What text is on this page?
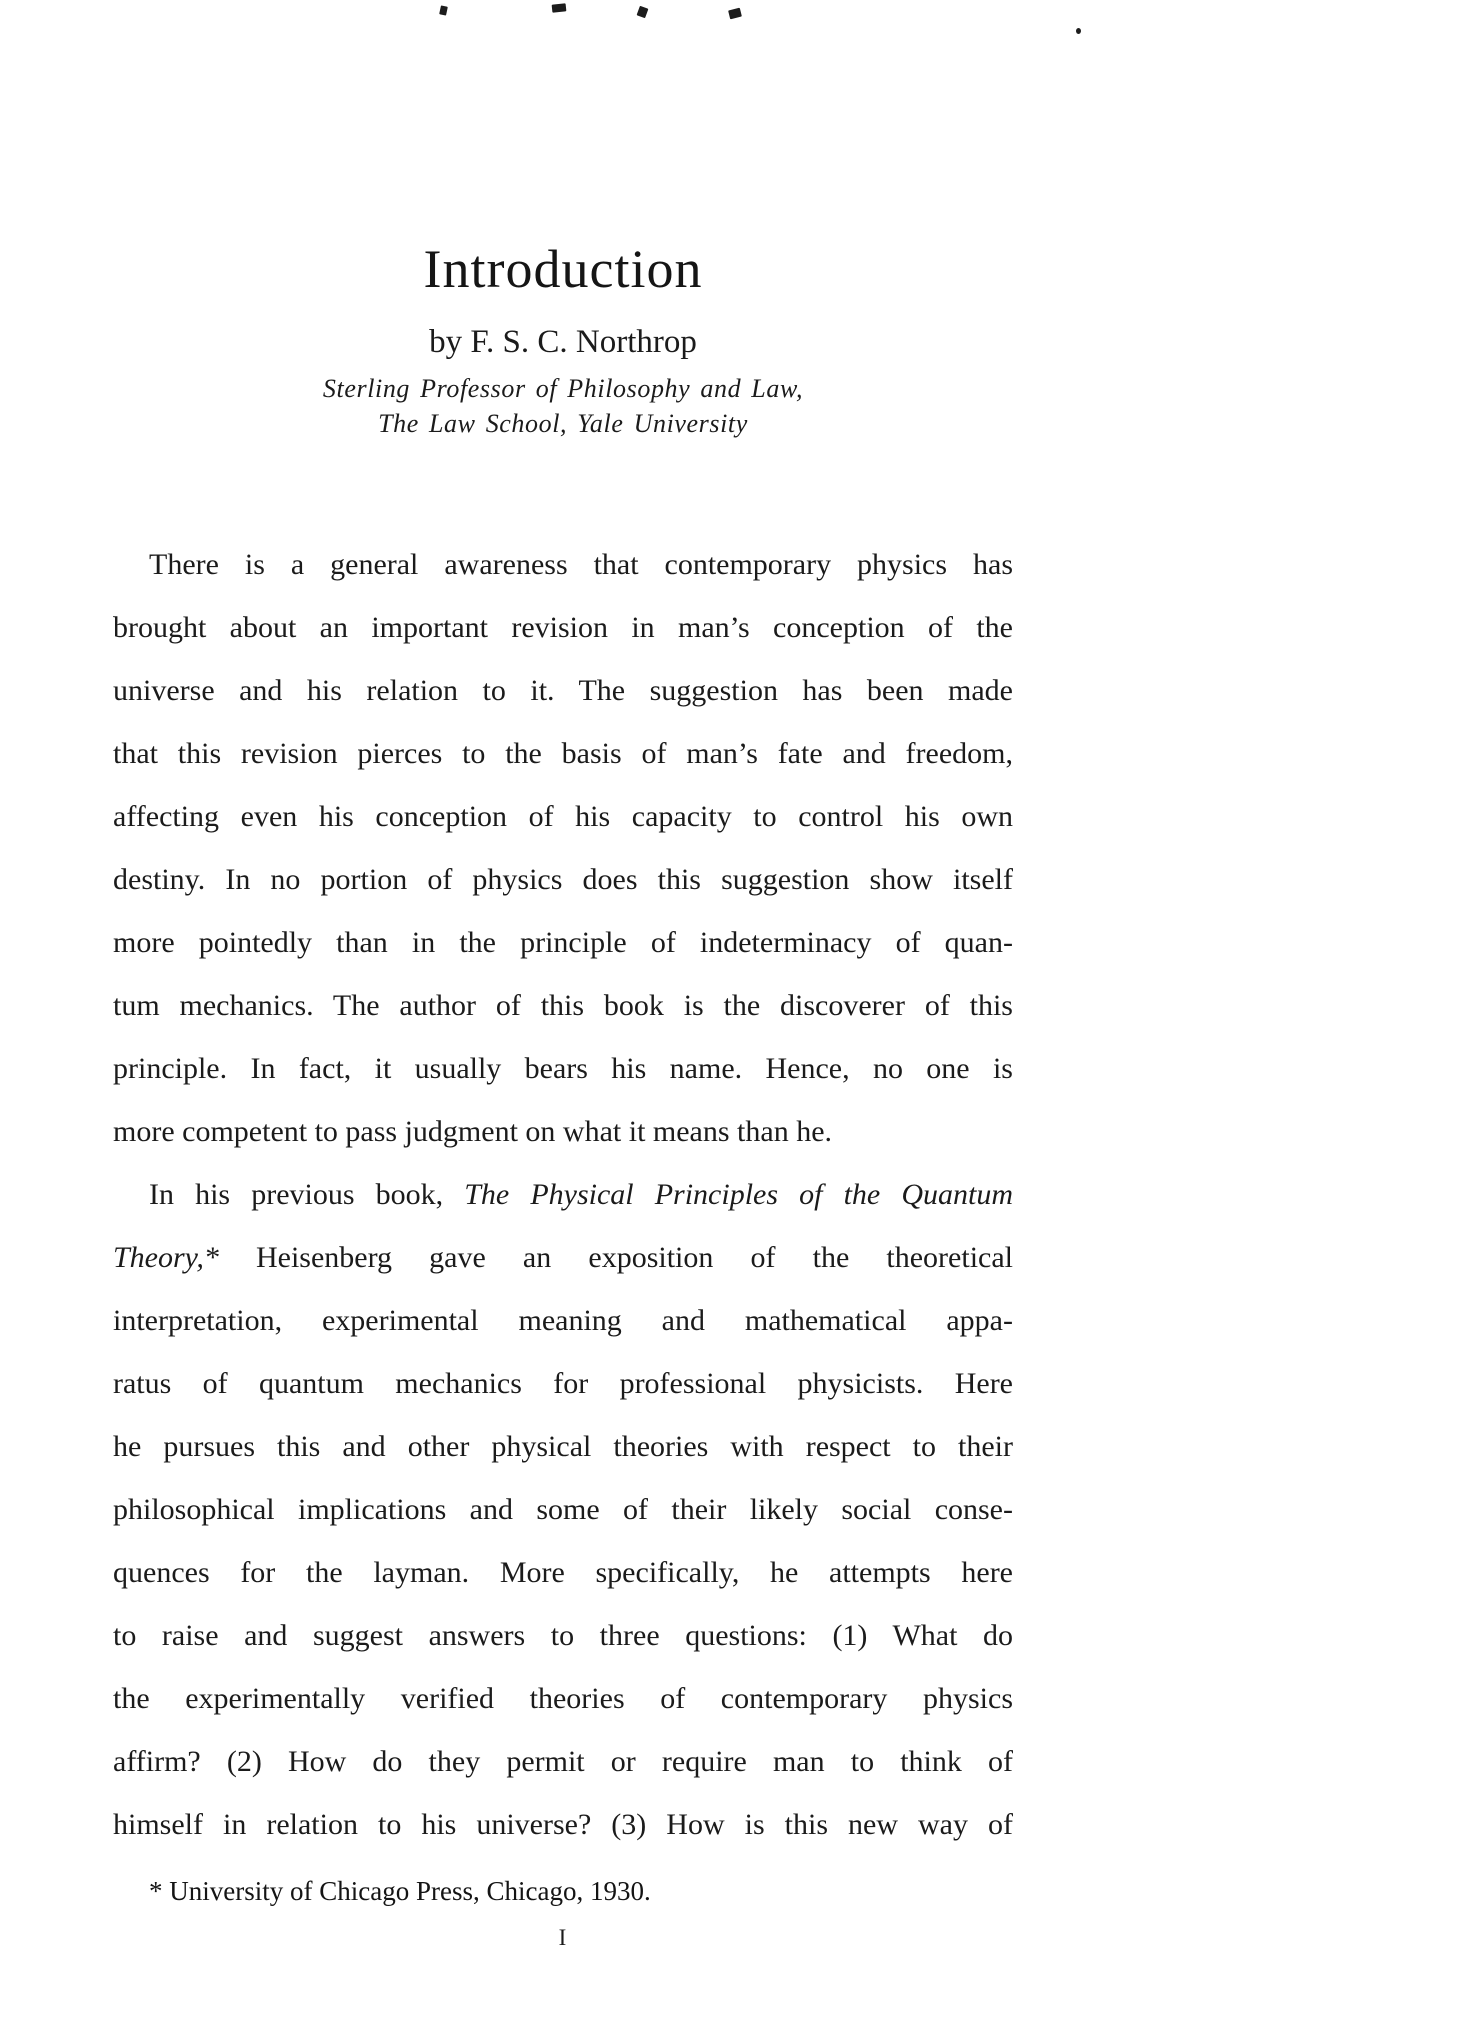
Introduction
by F. S. C. Northrop
Sterling Professor of Philosophy and Law,
The Law School, Yale University
There is a general awareness that contemporary physics has
brought about an important revision in man’s conception of the
universe and his relation to it. The suggestion has been made
that this revision pierces to the basis of man’s fate and freedom,
affecting even his conception of his capacity to control his own
destiny. In no portion of physics does this suggestion show itself
more pointedly than in the principle of indeterminacy of quan-
tum mechanics. The author of this book is the discoverer of this
principle. In fact, it usually bears his name. Hence, no one is
more competent to pass judgment on what it means than he.
In his previous book, The Physical Principles of the Quantum
Theory,* Heisenberg gave an exposition of the theoretical
interpretation, experimental meaning and mathematical appa-
ratus of quantum mechanics for professional physicists. Here
he pursues this and other physical theories with respect to their
philosophical implications and some of their likely social conse-
quences for the layman. More specifically, he attempts here
to raise and suggest answers to three questions: (1) What do
the experimentally verified theories of contemporary physics
affirm? (2) How do they permit or require man to think of
himself in relation to his universe? (3) How is this new way of
* University of Chicago Press, Chicago, 1930.
I
